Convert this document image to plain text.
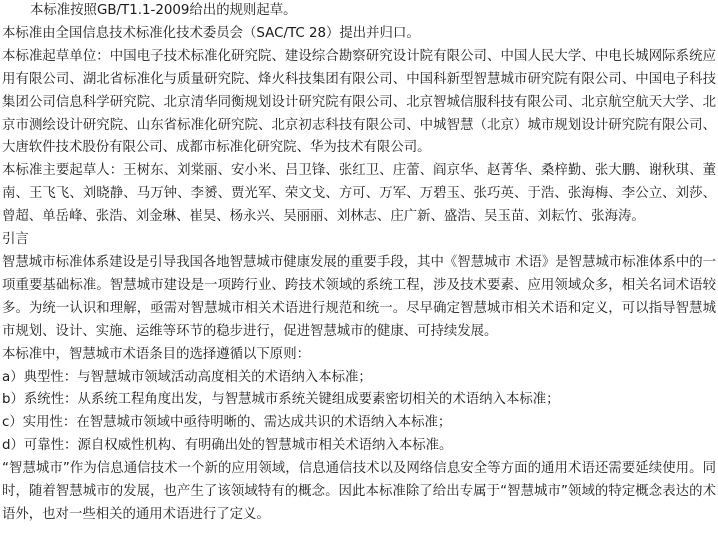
本标准按照GB/T1.1-2009给出的规则起草。

本标准由全国信息技术标准化技术委员会（SAC/TC 28）提出并归口。

本标准起草单位：中国电子技术标准化研究院、建设综合勘察研究设计院有限公司、中国人民大学、中电长城网际系统应用有限公司、湖北省标准化与质量研究院、烽火科技集团有限公司、中国科新型智慧城市研究院有限公司、中国电子科技集团公司信息科学研究院、北京清华同衡规划设计研究院有限公司、北京智城信服科技有限公司、北京航空航天大学、北京市测绘设计研究院、山东省标准化研究院、北京初志科技有限公司、中城智慧（北京）城市规划设计研究院有限公司、大唐软件技术股份有限公司、成都市标准化研究院、华为技术有限公司。

本标准主要起草人：王树东、刘棠丽、安小米、吕卫锋、张红卫、庄蕾、阎京华、赵菁华、桑梓勤、张大鹏、谢秋琪、董南、王飞飞、刘晓静、马万钟、李赟、贾光军、荣文戈、方可、万军、万碧玉、张巧英、于浩、张海梅、李公立、刘莎、曾超、单岳峰、张浩、刘金琳、崔昊、杨永兴、吴丽丽、刘林志、庄广新、盛浩、吴玉苗、刘耘竹、张海涛。

引言

智慧城市标准体系建设是引导我国各地智慧城市健康发展的重要手段，其中《智慧城市 术语》是智慧城市标准体系中的一项重要基础标准。智慧城市建设是一项跨行业、跨技术领域的系统工程，涉及技术要素、应用领域众多，相关名词术语较多。为统一认识和理解，亟需对智慧城市相关术语进行规范和统一。尽早确定智慧城市相关术语和定义，可以指导智慧城市规划、设计、实施、运维等环节的稳步进行，促进智慧城市的健康、可持续发展。

本标准中，智慧城市术语条目的选择遵循以下原则：

a）典型性：与智慧城市领域活动高度相关的术语纳入本标准；

b）系统性：从系统工程角度出发，与智慧城市系统关键组成要素密切相关的术语纳入本标准；

c）实用性：在智慧城市领域中亟待明晰的、需达成共识的术语纳入本标准；

d）可靠性：源自权威性机构、有明确出处的智慧城市相关术语纳入本标准。

“智慧城市”作为信息通信技术一个新的应用领域，信息通信技术以及网络信息安全等方面的通用术语还需要延续使用。同时，随着智慧城市的发展，也产生了该领域特有的概念。因此本标准除了给出专属于“智慧城市”领域的特定概念表达的术语外，也对一些相关的通用术语进行了定义。
